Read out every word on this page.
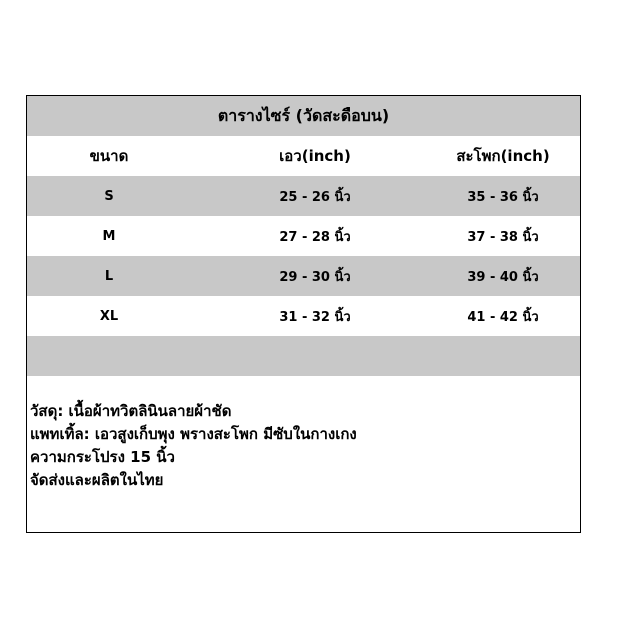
ตารางไซร์ (วัดสะดือบน)
ขนาด	เอว(inch)	สะโพก(inch)
S	25 - 26 นิ้ว	35 - 36 นิ้ว
M	27 - 28 นิ้ว	37 - 38 นิ้ว
L	29 - 30 นิ้ว	39 - 40 นิ้ว
XL	31 - 32 นิ้ว	41 - 42 นิ้ว
วัสดุ: เนื้อผ้าทวิตลินินลายผ้าชัด
แพทเทิ้ล: เอวสูงเก็บพุง พรางสะโพก มีซับในกางเกง
ความกระโปรง 15 นิ้ว
จัดส่งและผลิตในไทย
